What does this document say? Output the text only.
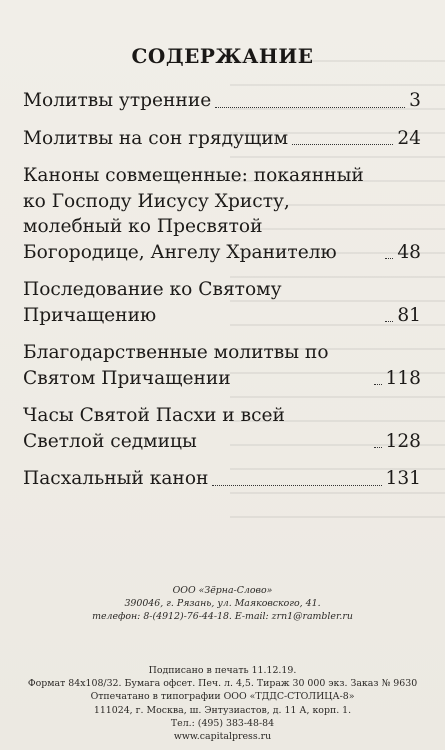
СОДЕРЖАНИЕ
Молитвы утренние	3
Молитвы на сон грядущим	24
Каноны совмещенные: покаянный ко Господу Иисусу Христу, молебный ко Пресвятой Богородице, Ангелу Хранителю	48
Последование ко Святому Причащению	81
Благодарственные молитвы по Святом Причащении	118
Часы Святой Пасхи и всей Светлой седмицы	128
Пасхальный канон	131
ООО «Зёрна-Слово»
390046, г. Рязань, ул. Маяковского, 41.
телефон: 8-(4912)-76-44-18. E-mail: zrn1@rambler.ru
Подписано в печать 11.12.19.
Формат 84x108/32. Бумага офсет. Печ. л. 4,5. Тираж 30 000 экз. Заказ № 9630
Отпечатано в типографии ООО «ТДДС-СТОЛИЦА-8»
111024, г. Москва, ш. Энтузиастов, д. 11 А, корп. 1.
Тел.: (495) 383-48-84
www.capitalpress.ru
